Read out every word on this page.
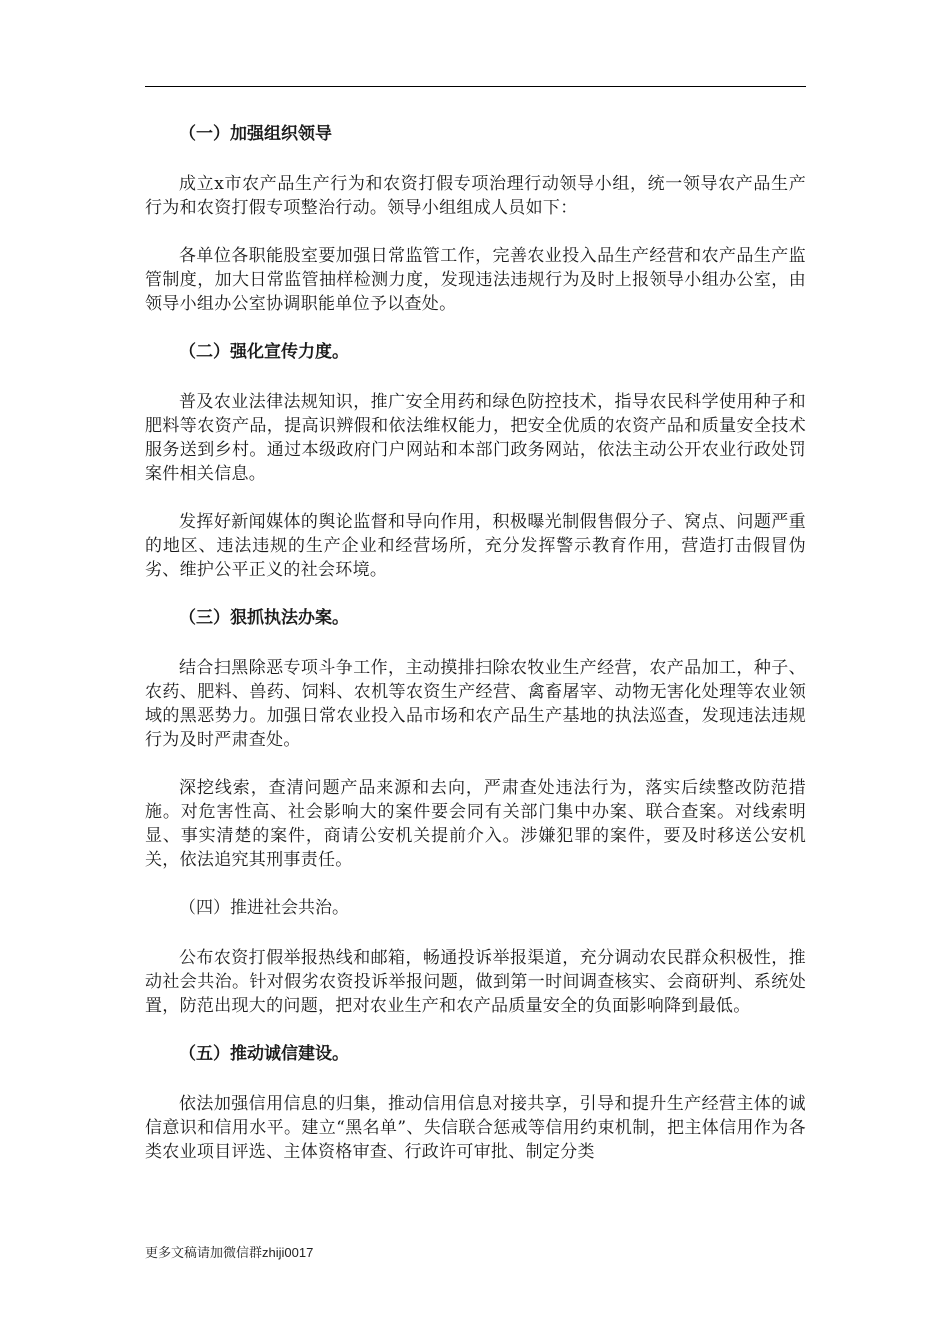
（一）加强组织领导

成立x市农产品生产行为和农资打假专项治理行动领导小组，统一领导农产品生产行为和农资打假专项整治行动。领导小组组成人员如下：

各单位各职能股室要加强日常监管工作，完善农业投入品生产经营和农产品生产监管制度，加大日常监管抽样检测力度，发现违法违规行为及时上报领导小组办公室，由领导小组办公室协调职能单位予以查处。

（二）强化宣传力度。

普及农业法律法规知识，推广安全用药和绿色防控技术，指导农民科学使用种子和肥料等农资产品，提高识辨假和依法维权能力，把安全优质的农资产品和质量安全技术服务送到乡村。通过本级政府门户网站和本部门政务网站，依法主动公开农业行政处罚案件相关信息。

发挥好新闻媒体的舆论监督和导向作用，积极曝光制假售假分子、窝点、问题严重的地区、违法违规的生产企业和经营场所，充分发挥警示教育作用，营造打击假冒伪劣、维护公平正义的社会环境。

（三）狠抓执法办案。

结合扫黑除恶专项斗争工作，主动摸排扫除农牧业生产经营，农产品加工，种子、农药、肥料、兽药、饲料、农机等农资生产经营、禽畜屠宰、动物无害化处理等农业领域的黑恶势力。加强日常农业投入品市场和农产品生产基地的执法巡查，发现违法违规行为及时严肃查处。

深挖线索，查清问题产品来源和去向，严肃查处违法行为，落实后续整改防范措施。对危害性高、社会影响大的案件要会同有关部门集中办案、联合查案。对线索明显、事实清楚的案件，商请公安机关提前介入。涉嫌犯罪的案件，要及时移送公安机关，依法追究其刑事责任。

（四）推进社会共治。

公布农资打假举报热线和邮箱，畅通投诉举报渠道，充分调动农民群众积极性，推动社会共治。针对假劣农资投诉举报问题，做到第一时间调查核实、会商研判、系统处置，防范出现大的问题，把对农业生产和农产品质量安全的负面影响降到最低。

（五）推动诚信建设。

依法加强信用信息的归集，推动信用信息对接共享，引导和提升生产经营主体的诚信意识和信用水平。建立“黑名单”、失信联合惩戒等信用约束机制，把主体信用作为各类农业项目评选、主体资格审查、行政许可审批、制定分类

更多文稿请加微信群zhiji0017
